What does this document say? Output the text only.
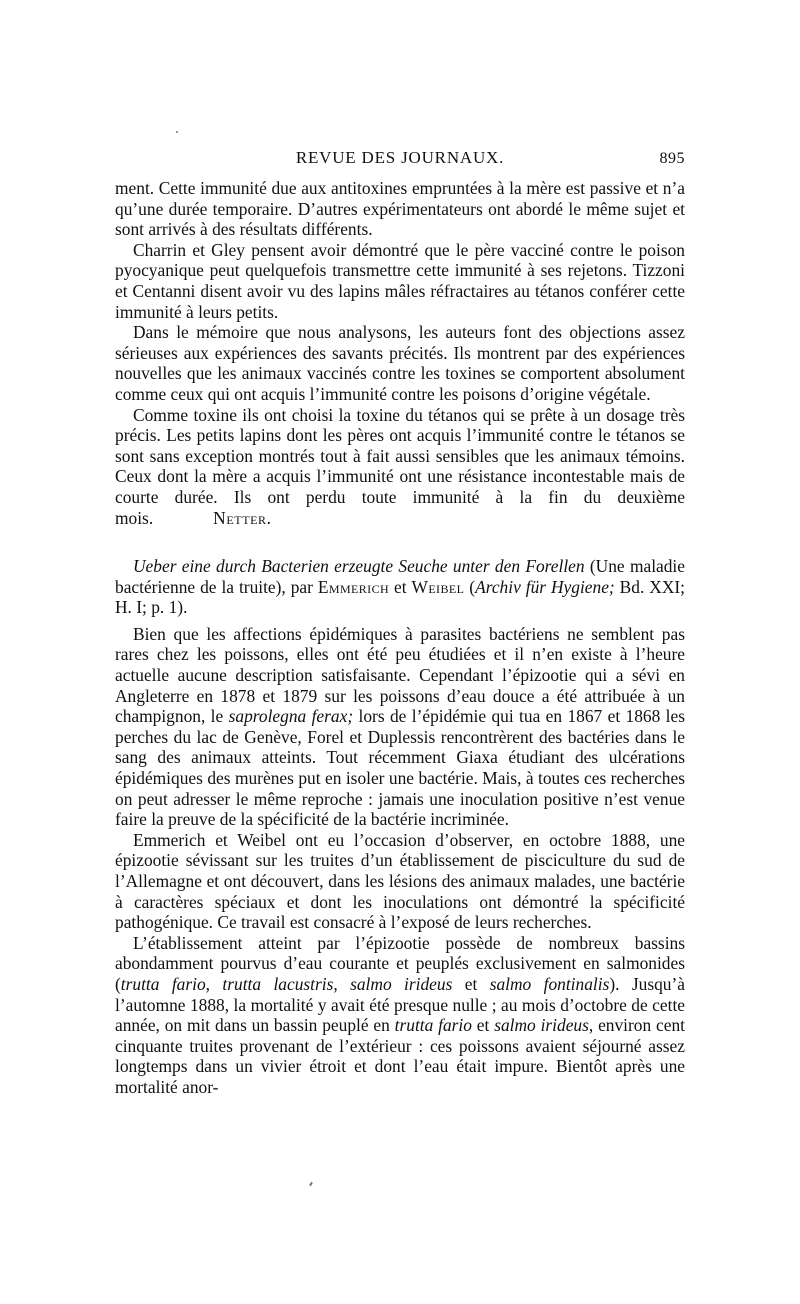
REVUE DES JOURNAUX.	895

ment. Cette immunité due aux antitoxines empruntées à la mère est passive et n’a qu’une durée temporaire. D’autres expérimentateurs ont abordé le même sujet et sont arrivés à des résultats différents.

Charrin et Gley pensent avoir démontré que le père vacciné contre le poison pyocyanique peut quelquefois transmettre cette immunité à ses rejetons. Tizzoni et Centanni disent avoir vu des lapins mâles réfractaires au tétanos conférer cette immunité à leurs petits.

Dans le mémoire que nous analysons, les auteurs font des objections assez sérieuses aux expériences des savants précités. Ils montrent par des expériences nouvelles que les animaux vaccinés contre les toxines se comportent absolument comme ceux qui ont acquis l’immunité contre les poisons d’origine végétale.

Comme toxine ils ont choisi la toxine du tétanos qui se prête à un dosage très précis. Les petits lapins dont les pères ont acquis l’immunité contre le tétanos se sont sans exception montrés tout à fait aussi sensibles que les animaux témoins. Ceux dont la mère a acquis l’immunité ont une résistance incontestable mais de courte durée. Ils ont perdu toute immunité à la fin du deuxième mois.	Netter.

Ueber eine durch Bacterien erzeugte Seuche unter den Forellen (Une maladie bactérienne de la truite), par Emmerich et Weibel (Archiv für Hygiene; Bd. XXI; H. I; p. 1).

Bien que les affections épidémiques à parasites bactériens ne semblent pas rares chez les poissons, elles ont été peu étudiées et il n’en existe à l’heure actuelle aucune description satisfaisante. Cependant l’épizootie qui a sévi en Angleterre en 1878 et 1879 sur les poissons d’eau douce a été attribuée à un champignon, le saprolegna ferax; lors de l’épidémie qui tua en 1867 et 1868 les perches du lac de Genève, Forel et Duplessis rencontrèrent des bactéries dans le sang des animaux atteints. Tout récemment Giaxa étudiant des ulcérations épidémiques des murènes put en isoler une bactérie. Mais, à toutes ces recherches on peut adresser le même reproche : jamais une inoculation positive n’est venue faire la preuve de la spécificité de la bactérie incriminée.

Emmerich et Weibel ont eu l’occasion d’observer, en octobre 1888, une épizootie sévissant sur les truites d’un établissement de pisciculture du sud de l’Allemagne et ont découvert, dans les lésions des animaux malades, une bactérie à caractères spéciaux et dont les inoculations ont démontré la spécificité pathogénique. Ce travail est consacré à l’exposé de leurs recherches.

L’établissement atteint par l’épizootie possède de nombreux bassins abondamment pourvus d’eau courante et peuplés exclusivement en salmonides (trutta fario, trutta lacustris, salmo irideus et salmo fontinalis). Jusqu’à l’automne 1888, la mortalité y avait été presque nulle ; au mois d’octobre de cette année, on mit dans un bassin peuplé en trutta fario et salmo irideus, environ cent cinquante truites provenant de l’extérieur : ces poissons avaient séjourné assez longtemps dans un vivier étroit et dont l’eau était impure. Bientôt après une mortalité anor-
